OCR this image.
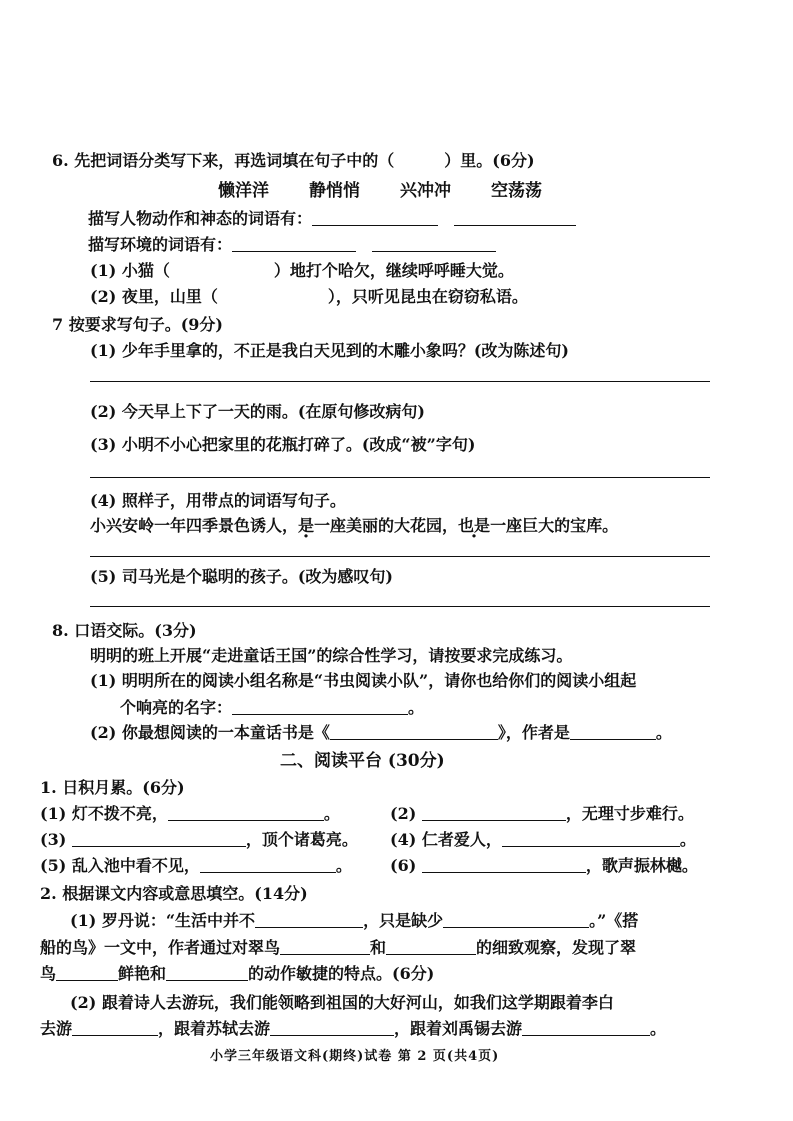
6. 先把词语分类写下来，再选词填在句子中的（	）里。(6分)
懒洋洋 静悄悄 兴冲冲 空荡荡
描写人物动作和神态的词语有：
描写环境的词语有：
(1) 小猫（	）地打个哈欠，继续呼呼睡大觉。
(2) 夜里，山里（	），只听见昆虫在窃窃私语。
7 按要求写句子。(9分)
(1) 少年手里拿的，不正是我白天见到的木雕小象吗？(改为陈述句)
(2) 今天早上下了一天的雨。(在原句修改病句)
(3) 小明不小心把家里的花瓶打碎了。(改成“被”字句)
(4) 照样子，用带点的词语写句子。
小兴安岭一年四季景色诱人，是一座美丽的大花园，也是一座巨大的宝库。
(5) 司马光是个聪明的孩子。(改为感叹句)
8. 口语交际。(3分)
明明的班上开展“走进童话王国”的综合性学习，请按要求完成练习。
(1) 明明所在的阅读小组名称是“书虫阅读小队”，请你也给你们的阅读小组起
个响亮的名字：	。
(2) 你最想阅读的一本童话书是《	》，作者是	。
二、阅读平台 (30分)
1. 日积月累。(6分)
(1) 灯不拨不亮，	。	(2)	，无理寸步难行。
(3)	，顶个诸葛亮。 (4) 仁者爱人，	。
(5) 乱入池中看不见，	。 (6)	，歌声振林樾。
2. 根据课文内容或意思填空。(14分)
(1) 罗丹说：“生活中并不	，只是缺少	。”《搭
船的鸟》一文中，作者通过对翠鸟	和	的细致观察，发现了翠
鸟	鲜艳和	的动作敏捷的特点。(6分)
(2) 跟着诗人去游玩，我们能领略到祖国的大好河山，如我们这学期跟着李白
去游	，跟着苏轼去游	，跟着刘禹锡去游	。
小学三年级语文科(期终)试卷 第 2 页(共4页)
